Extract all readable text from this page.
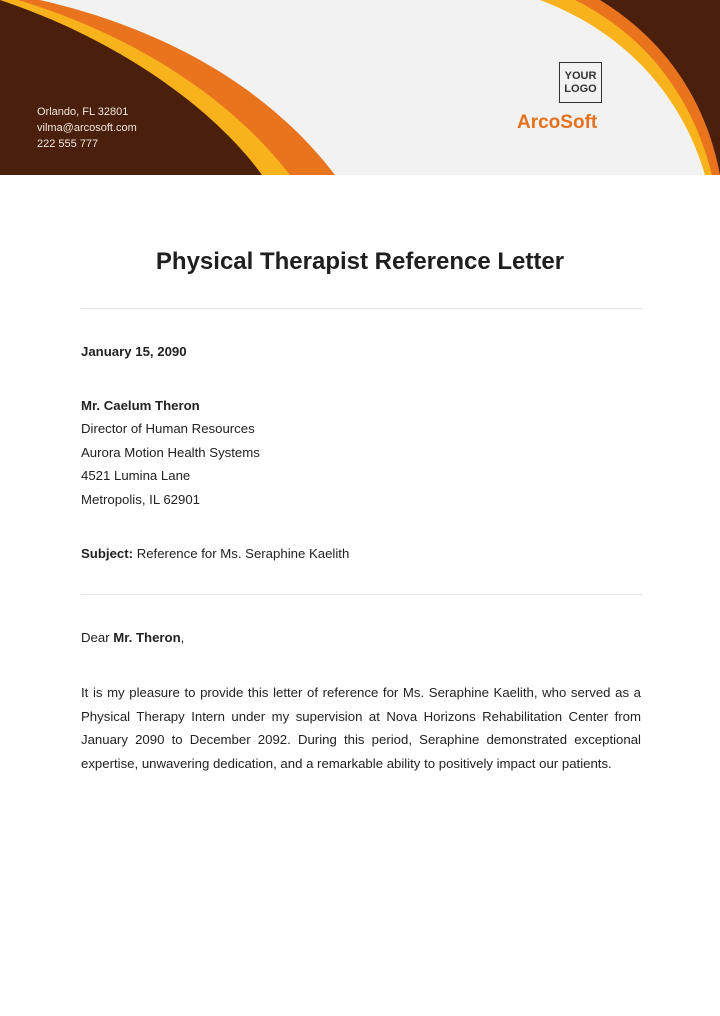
Orlando, FL 32801
vilma@arcosoft.com
222 555 777
YOUR
LOGO
ArcoSoft
Physical Therapist Reference Letter
January 15, 2090
Mr. Caelum Theron
Director of Human Resources
Aurora Motion Health Systems
4521 Lumina Lane
Metropolis, IL 62901
Subject: Reference for Ms. Seraphine Kaelith
Dear Mr. Theron,
It is my pleasure to provide this letter of reference for Ms. Seraphine Kaelith, who served as a Physical Therapy Intern under my supervision at Nova Horizons Rehabilitation Center from January 2090 to December 2092. During this period, Seraphine demonstrated exceptional expertise, unwavering dedication, and a remarkable ability to positively impact our patients.
